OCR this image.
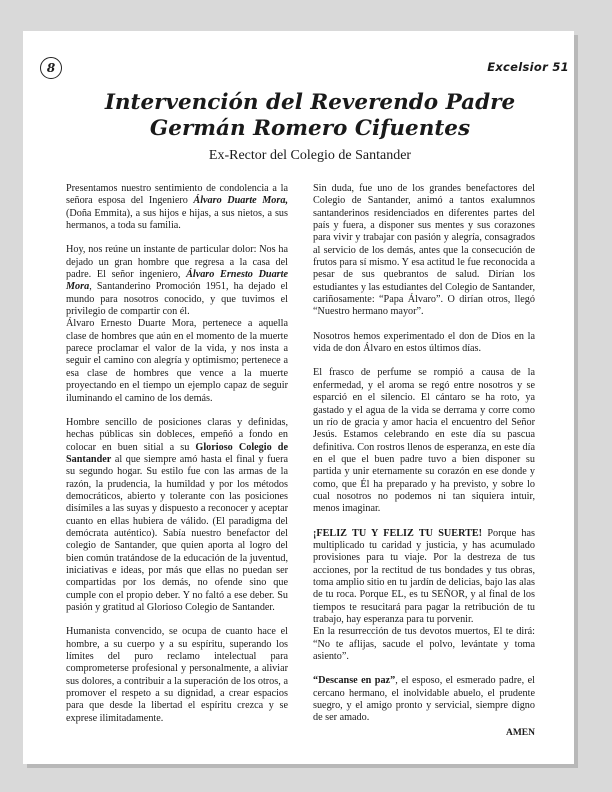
8	Excelsior 51
Intervención del Reverendo Padre
Germán Romero Cifuentes
Ex-Rector del Colegio de Santander

Presentamos nuestro sentimiento de condolencia a la señora esposa del Ingeniero Álvaro Duarte Mora, (Doña Emmita), a sus hijos e hijas, a sus nietos, a sus hermanos, a toda su familia.

Hoy, nos reúne un instante de particular dolor: Nos ha dejado un gran hombre que regresa a la casa del padre. El señor ingeniero, Álvaro Ernesto Duarte Mora, Santanderino Promoción 1951, ha dejado el mundo para nosotros conocido, y que tuvimos el privilegio de compartir con él.

Álvaro Ernesto Duarte Mora, pertenece a aquella clase de hombres que aún en el momento de la muerte parece proclamar el valor de la vida, y nos insta a seguir el camino con alegría y optimismo; pertenece a esa clase de hombres que vence a la muerte proyectando en el tiempo un ejemplo capaz de seguir iluminando el camino de los demás.

Hombre sencillo de posiciones claras y definidas, hechas públicas sin dobleces, empeñó a fondo en colocar en buen sitial a su Glorioso Colegio de Santander al que siempre amó hasta el final y fuera su segundo hogar. Su estilo fue con las armas de la razón, la prudencia, la humildad y por los métodos democráticos, abierto y tolerante con las posiciones disímiles a las suyas y dispuesto a reconocer y aceptar cuanto en ellas hubiera de válido. (El paradigma del demócrata auténtico). Sabía nuestro benefactor del colegio de Santander, que quien aporta al logro del bien común tratándose de la educación de la juventud, iniciativas e ideas, por más que ellas no puedan ser compartidas por los demás, no ofende sino que cumple con el propio deber. Y no faltó a ese deber. Su pasión y gratitud al Glorioso Colegio de Santander.

Humanista convencido, se ocupa de cuanto hace el hombre, a su cuerpo y a su espíritu, superando los límites del puro reclamo intelectual para comprometerse profesional y personalmente, a aliviar sus dolores, a contribuir a la superación de los otros, a promover el respeto a su dignidad, a crear espacios para que desde la libertad el espíritu crezca y se exprese ilimitadamente.

Sin duda, fue uno de los grandes benefactores del Colegio de Santander, animó a tantos exalumnos santanderinos residenciados en diferentes partes del país y fuera, a disponer sus mentes y sus corazones para vivir y trabajar con pasión y alegría, consagrados al servicio de los demás, antes que la consecución de frutos para sí mismo. Y esa actitud le fue reconocida a pesar de sus quebrantos de salud. Dirían los estudiantes y las estudiantes del Colegio de Santander, cariñosamente: “Papa Álvaro”. O dirían otros, llegó “Nuestro hermano mayor”.

Nosotros hemos experimentado el don de Dios en la vida de don Álvaro en estos últimos días.

El frasco de perfume se rompió a causa de la enfermedad, y el aroma se regó entre nosotros y se esparció en el silencio. El cántaro se ha roto, ya gastado y el agua de la vida se derrama y corre como un río de gracia y amor hacia el encuentro del Señor Jesús. Estamos celebrando en este día su pascua definitiva. Con rostros llenos de esperanza, en este día en el que el buen padre tuvo a bien disponer su partida y unir eternamente su corazón en ese donde y como, que Él ha preparado y ha previsto, y sobre lo cual nosotros no podemos ni tan siquiera intuir, menos imaginar.

¡FELIZ TU Y FELIZ TU SUERTE! Porque has multiplicado tu caridad y justicia, y has acumulado provisiones para tu viaje. Por la destreza de tus acciones, por la rectitud de tus bondades y tus obras, toma amplio sitio en tu jardín de delicias, bajo las alas de tu roca. Porque EL, es tu SEÑOR, y al final de los tiempos te resucitará para pagar la retribución de tu trabajo, hay esperanza para tu porvenir.

En la resurrección de tus devotos muertos, El te dirá: “No te aflijas, sacude el polvo, levántate y toma asiento”.

“Descanse en paz”, el esposo, el esmerado padre, el cercano hermano, el inolvidable abuelo, el prudente suegro, y el amigo pronto y servicial, siempre digno de ser amado.

AMEN
